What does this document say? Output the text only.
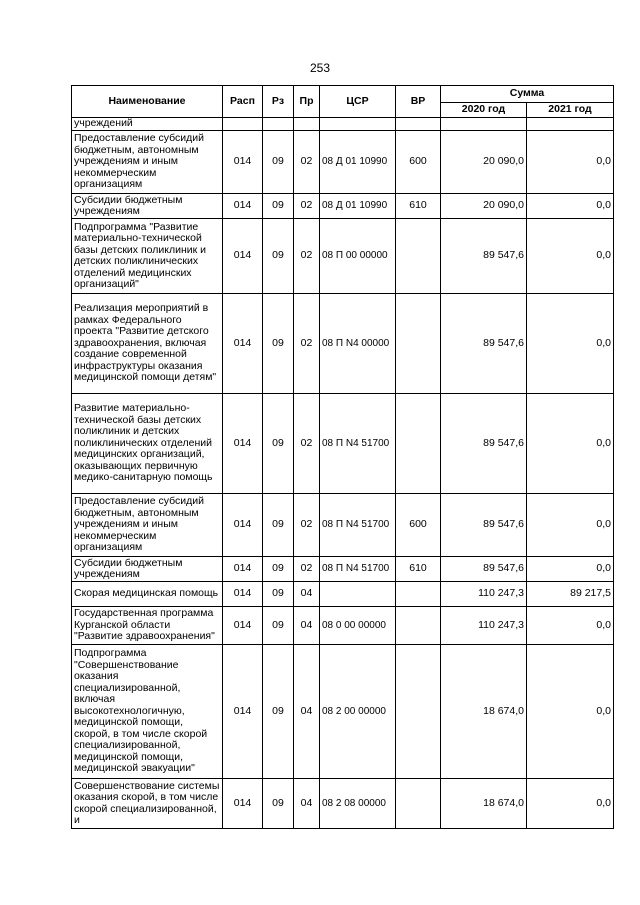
253
Наименование	Расп	Рз	Пр	ЦСР	ВР	Сумма	
						2020 год	2021 год
учреждений							
Предоставление субсидий бюджетным, автономным учреждениям и иным некоммерческим организациям	014	09	02	08 Д 01 10990	600	20 090,0	0,0
Субсидии бюджетным учреждениям	014	09	02	08 Д 01 10990	610	20 090,0	0,0
Подпрограмма "Развитие материально-технической базы детских поликлиник и детских поликлинических отделений медицинских организаций"	014	09	02	08 П 00 00000		89 547,6	0,0
Реализация мероприятий в рамках Федерального проекта "Развитие детского здравоохранения, включая создание современной инфраструктуры оказания медицинской помощи детям"	014	09	02	08 П N4 00000		89 547,6	0,0
Развитие материально-технической базы детских поликлиник и детских поликлинических отделений медицинских организаций, оказывающих первичную медико-санитарную помощь	014	09	02	08 П N4 51700		89 547,6	0,0
Предоставление субсидий бюджетным, автономным учреждениям и иным некоммерческим организациям	014	09	02	08 П N4 51700	600	89 547,6	0,0
Субсидии бюджетным учреждениям	014	09	02	08 П N4 51700	610	89 547,6	0,0
Скорая медицинская помощь	014	09	04			110 247,3	89 217,5
Государственная программа Курганской области "Развитие здравоохранения"	014	09	04	08 0 00 00000		110 247,3	0,0
Подпрограмма "Совершенствование оказания специализированной, включая высокотехнологичную, медицинской помощи, скорой, в том числе скорой специализированной, медицинской помощи, медицинской эвакуации"	014	09	04	08 2 00 00000		18 674,0	0,0
Совершенствование системы оказания скорой, в том числе скорой специализированной, и	014	09	04	08 2 08 00000		18 674,0	0,0
